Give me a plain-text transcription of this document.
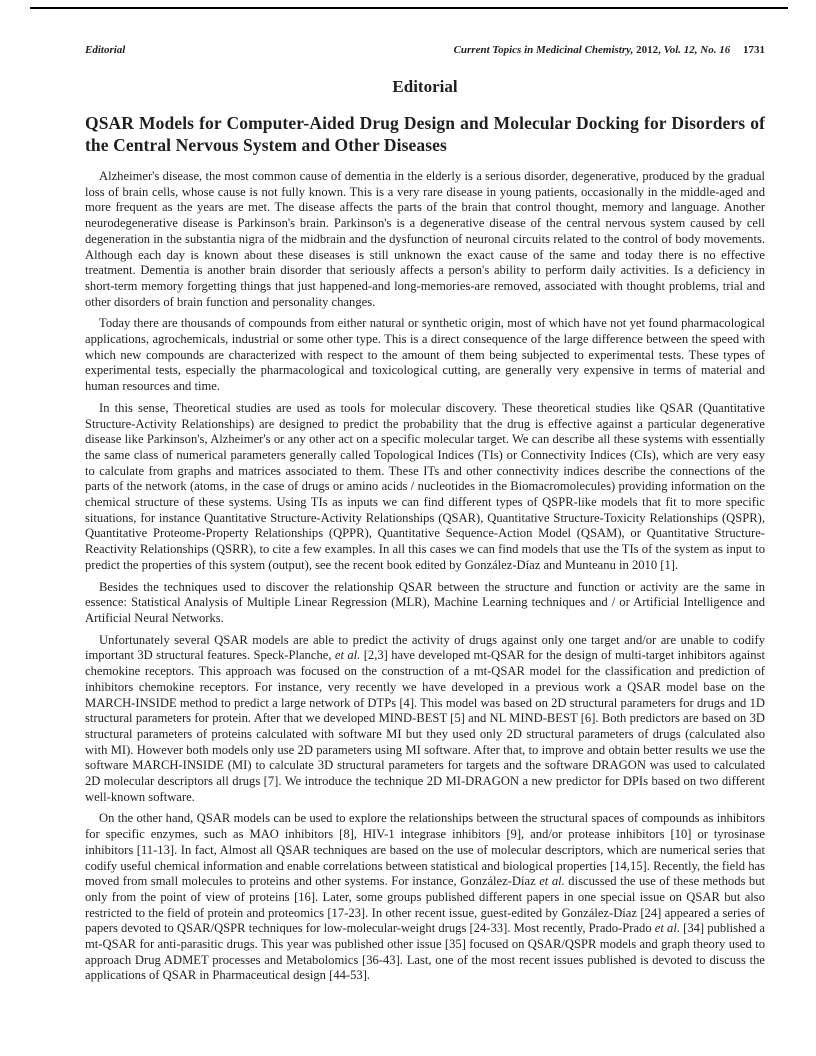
Editorial	Current Topics in Medicinal Chemistry, 2012, Vol. 12, No. 16 1731
Editorial
QSAR Models for Computer-Aided Drug Design and Molecular Docking for Disorders of the Central Nervous System and Other Diseases

Alzheimer's disease, the most common cause of dementia in the elderly is a serious disorder, degenerative, produced by the gradual loss of brain cells, whose cause is not fully known. This is a very rare disease in young patients, occasionally in the middle-aged and more frequent as the years are met. The disease affects the parts of the brain that control thought, memory and language. Another neurodegenerative disease is Parkinson's brain. Parkinson's is a degenerative disease of the central nervous system caused by cell degeneration in the substantia nigra of the midbrain and the dysfunction of neuronal circuits related to the control of body movements. Although each day is known about these diseases is still unknown the exact cause of the same and today there is no effective treatment. Dementia is another brain disorder that seriously affects a person's ability to perform daily activities. Is a deficiency in short-term memory forgetting things that just happened-and long-memories-are removed, associated with thought problems, trial and other disorders of brain function and personality changes.

Today there are thousands of compounds from either natural or synthetic origin, most of which have not yet found pharmacological applications, agrochemicals, industrial or some other type. This is a direct consequence of the large difference between the speed with which new compounds are characterized with respect to the amount of them being subjected to experimental tests. These types of experimental tests, especially the pharmacological and toxicological cutting, are generally very expensive in terms of material and human resources and time.

In this sense, Theoretical studies are used as tools for molecular discovery. These theoretical studies like QSAR (Quantitative Structure-Activity Relationships) are designed to predict the probability that the drug is effective against a particular degenerative disease like Parkinson's, Alzheimer's or any other act on a specific molecular target. We can describe all these systems with essentially the same class of numerical parameters generally called Topological Indices (TIs) or Connectivity Indices (CIs), which are very easy to calculate from graphs and matrices associated to them. These ITs and other connectivity indices describe the connections of the parts of the network (atoms, in the case of drugs or amino acids / nucleotides in the Biomacromolecules) providing information on the chemical structure of these systems. Using TIs as inputs we can find different types of QSPR-like models that fit to more specific situations, for instance Quantitative Structure-Activity Relationships (QSAR), Quantitative Structure-Toxicity Relationships (QSPR), Quantitative Proteome-Property Relationships (QPPR), Quantitative Sequence-Action Model (QSAM), or Quantitative Structure-Reactivity Relationships (QSRR), to cite a few examples. In all this cases we can find models that use the TIs of the system as input to predict the properties of this system (output), see the recent book edited by González-Díaz and Munteanu in 2010 [1].

Besides the techniques used to discover the relationship QSAR between the structure and function or activity are the same in essence: Statistical Analysis of Multiple Linear Regression (MLR), Machine Learning techniques and / or Artificial Intelligence and Artificial Neural Networks.

Unfortunately several QSAR models are able to predict the activity of drugs against only one target and/or are unable to codify important 3D structural features. Speck-Planche, et al. [2,3] have developed mt-QSAR for the design of multi-target inhibitors against chemokine receptors. This approach was focused on the construction of a mt-QSAR model for the classification and prediction of inhibitors chemokine receptors. For instance, very recently we have developed in a previous work a QSAR model base on the MARCH-INSIDE method to predict a large network of DTPs [4]. This model was based on 2D structural parameters for drugs and 1D structural parameters for protein. After that we developed MIND-BEST [5] and NL MIND-BEST [6]. Both predictors are based on 3D structural parameters of proteins calculated with software MI but they used only 2D structural parameters of drugs (calculated also with MI). However both models only use 2D parameters using MI software. After that, to improve and obtain better results we use the software MARCH-INSIDE (MI) to calculate 3D structural parameters for targets and the software DRAGON was used to calculated 2D molecular descriptors all drugs [7]. We introduce the technique 2D MI-DRAGON a new predictor for DPIs based on two different well-known software.

On the other hand, QSAR models can be used to explore the relationships between the structural spaces of compounds as inhibitors for specific enzymes, such as MAO inhibitors [8], HIV-1 integrase inhibitors [9], and/or protease inhibitors [10] or tyrosinase inhibitors [11-13]. In fact, Almost all QSAR techniques are based on the use of molecular descriptors, which are numerical series that codify useful chemical information and enable correlations between statistical and biological properties [14,15]. Recently, the field has moved from small molecules to proteins and other systems. For instance, González-Díaz et al. discussed the use of these methods but only from the point of view of proteins [16]. Later, some groups published different papers in one special issue on QSAR but also restricted to the field of protein and proteomics [17-23]. In other recent issue, guest-edited by González-Díaz [24] appeared a series of papers devoted to QSAR/QSPR techniques for low-molecular-weight drugs [24-33]. Most recently, Prado-Prado et al. [34] published a mt-QSAR for anti-parasitic drugs. This year was published other issue [35] focused on QSAR/QSPR models and graph theory used to approach Drug ADMET processes and Metabolomics [36-43]. Last, one of the most recent issues published is devoted to discuss the applications of QSAR in Pharmaceutical design [44-53].
